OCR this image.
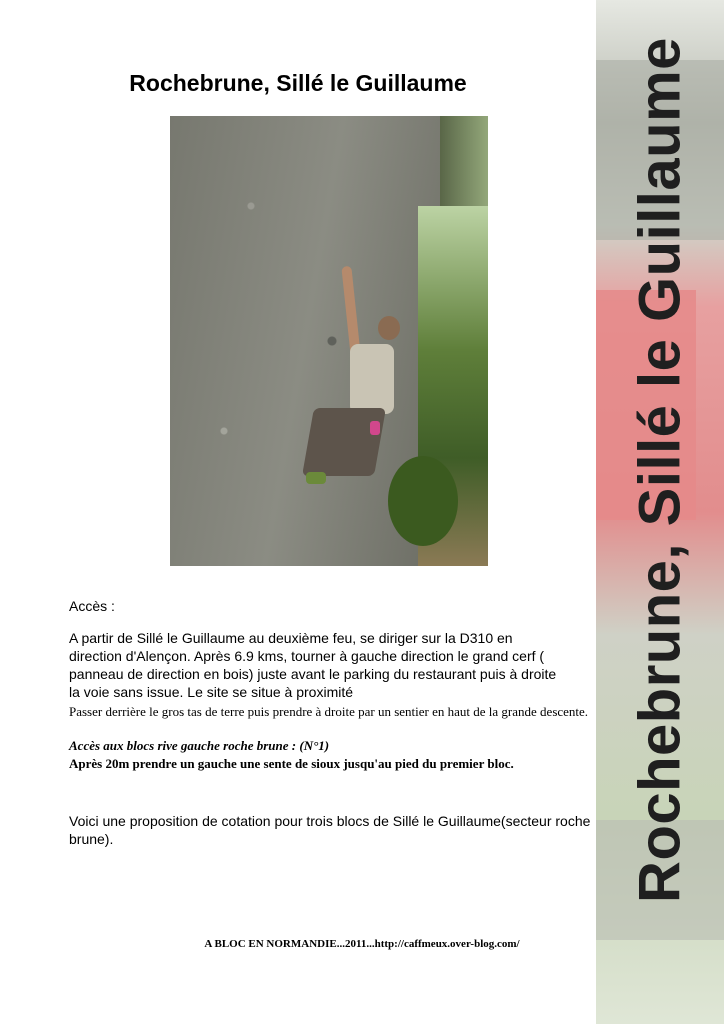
Rochebrune, Sillé le Guillaume	Rochebrune, Sillé le Guillaume
Accès :
A partir de Sillé le Guillaume au deuxième feu, se diriger sur la D310 en direction d'Alençon. Après 6.9 kms, tourner à gauche direction le grand cerf ( panneau de direction en bois) juste avant le parking du restaurant puis à droite la voie sans issue. Le site se situe à proximité
Passer derrière le gros tas de terre puis prendre à droite par un sentier en haut de la grande descente.
Accès aux blocs rive gauche roche brune : (N°1)
Après 20m prendre un gauche une sente de sioux jusqu'au pied du premier bloc.
Voici une proposition de cotation pour trois blocs de Sillé le Guillaume(secteur roche brune).
A BLOC EN NORMANDIE...2011...http://caffmeux.over-blog.com/
